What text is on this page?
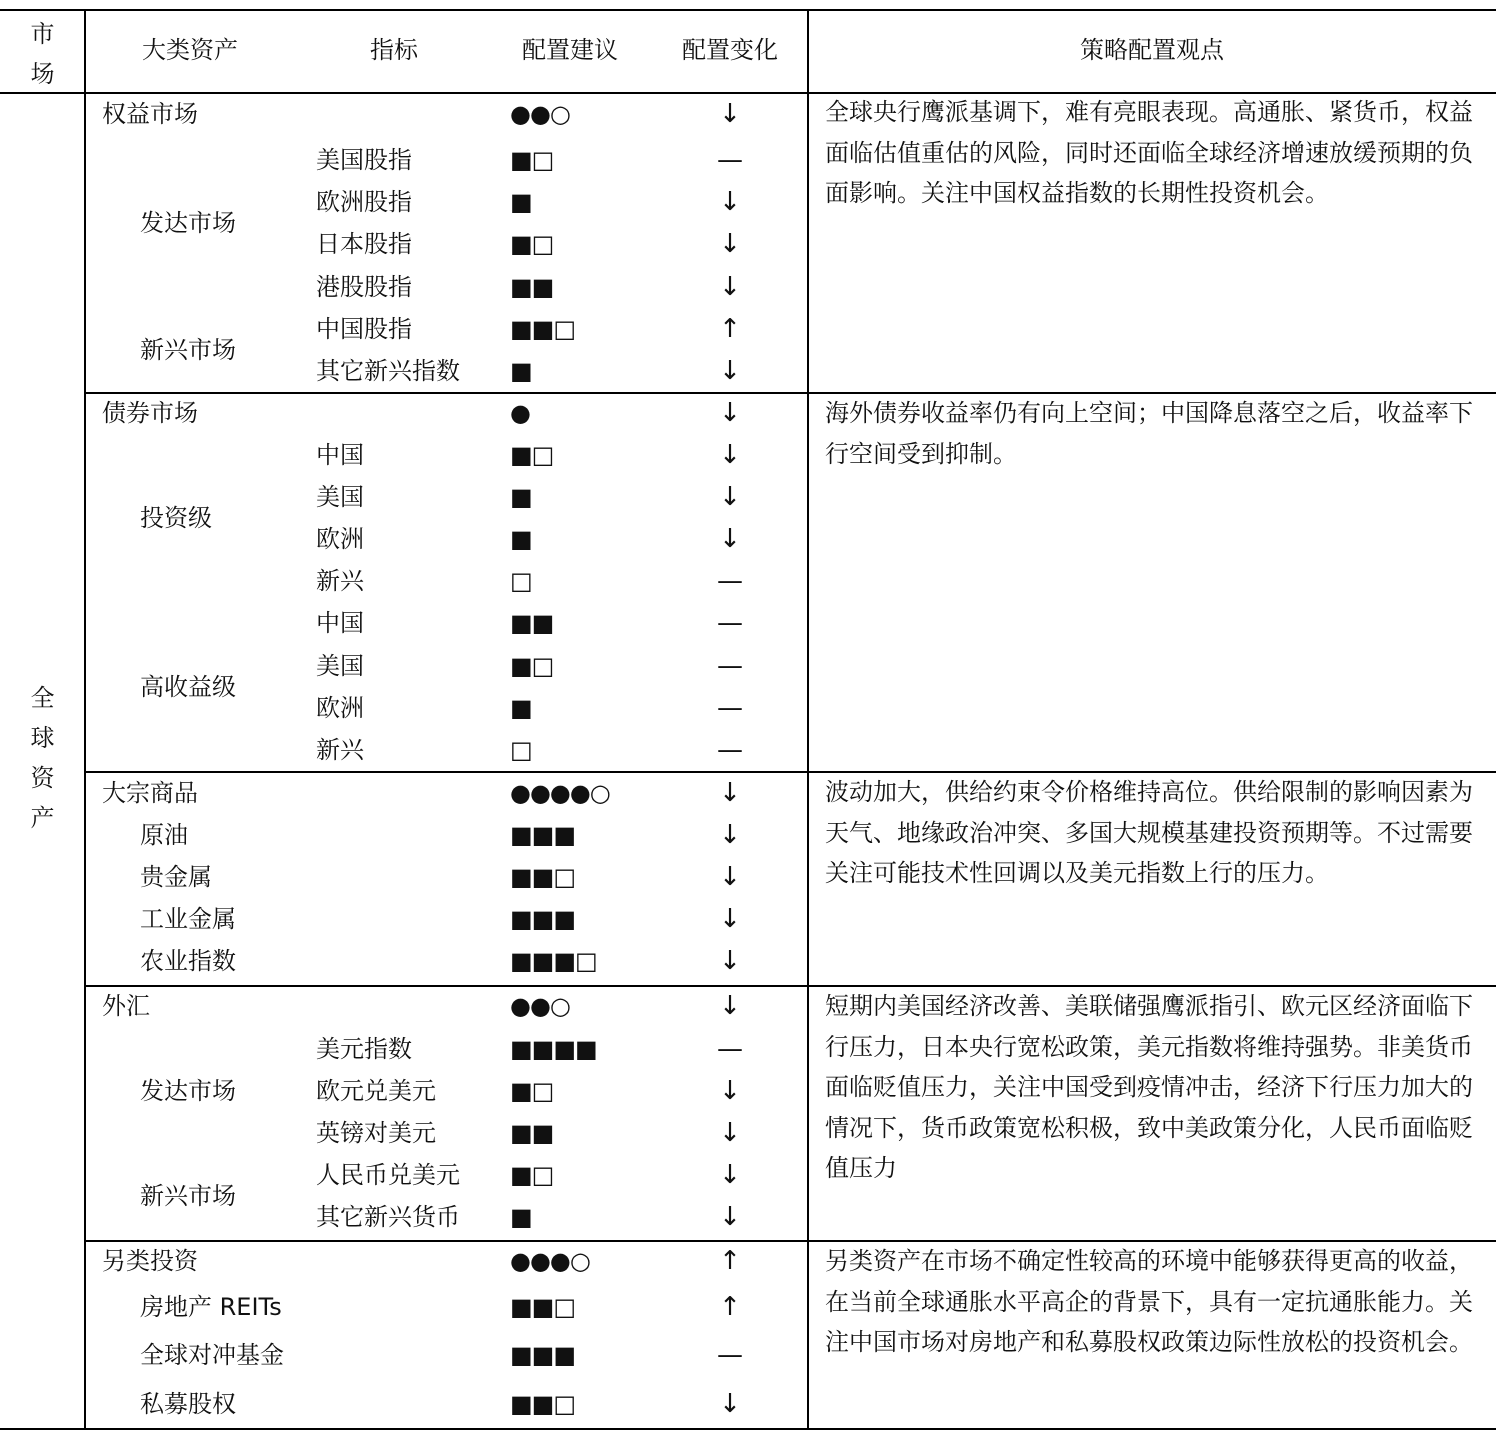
市场
大类资产	指标	配置建议	配置变化	策略配置观点
全球资产
权益市场	●●○	↓
发达市场
美国股指	■□	—
欧洲股指	■	↓
日本股指	■□	↓
港股股指	■■	↓
新兴市场
中国股指	■■□	↑
其它新兴指数 ■	↓
全球央行鹰派基调下，难有亮眼表现。高通胀、紧货币，权益面临估值重估的风险，同时还面临全球经济增速放缓预期的负面影响。关注中国权益指数的长期性投资机会。
债券市场	●	↓
投资级
中国	■□	↓
美国	■	↓
欧洲	■	↓
新兴	□	—
高收益级
中国	■■	—
美国	■□	—
欧洲	■	—
新兴	□	—
海外债券收益率仍有向上空间；中国降息落空之后，收益率下行空间受到抑制。
大宗商品	●●●●○	↓
原油	■■■	↓
贵金属	■■□	↓
工业金属	■■■	↓
农业指数	■■■□	↓
波动加大，供给约束令价格维持高位。供给限制的影响因素为天气、地缘政治冲突、多国大规模基建投资预期等。不过需要关注可能技术性回调以及美元指数上行的压力。
外汇	●●○	↓
发达市场
美元指数	■■■■	—
欧元兑美元	■□	↓
英镑对美元	■■	↓
新兴市场
人民币兑美元 ■□	↓
其它新兴货币 ■	↓
短期内美国经济改善、美联储强鹰派指引、欧元区经济面临下行压力，日本央行宽松政策，美元指数将维持强势。非美货币面临贬值压力，关注中国受到疫情冲击，经济下行压力加大的情况下，货币政策宽松积极，致中美政策分化，人民币面临贬值压力
另类投资	●●●○	↑
房地产 REITs	■■□	↑
全球对冲基金	■■■	—
私募股权	■■□	↓
另类资产在市场不确定性较高的环境中能够获得更高的收益，在当前全球通胀水平高企的背景下，具有一定抗通胀能力。关注中国市场对房地产和私募股权政策边际性放松的投资机会。
